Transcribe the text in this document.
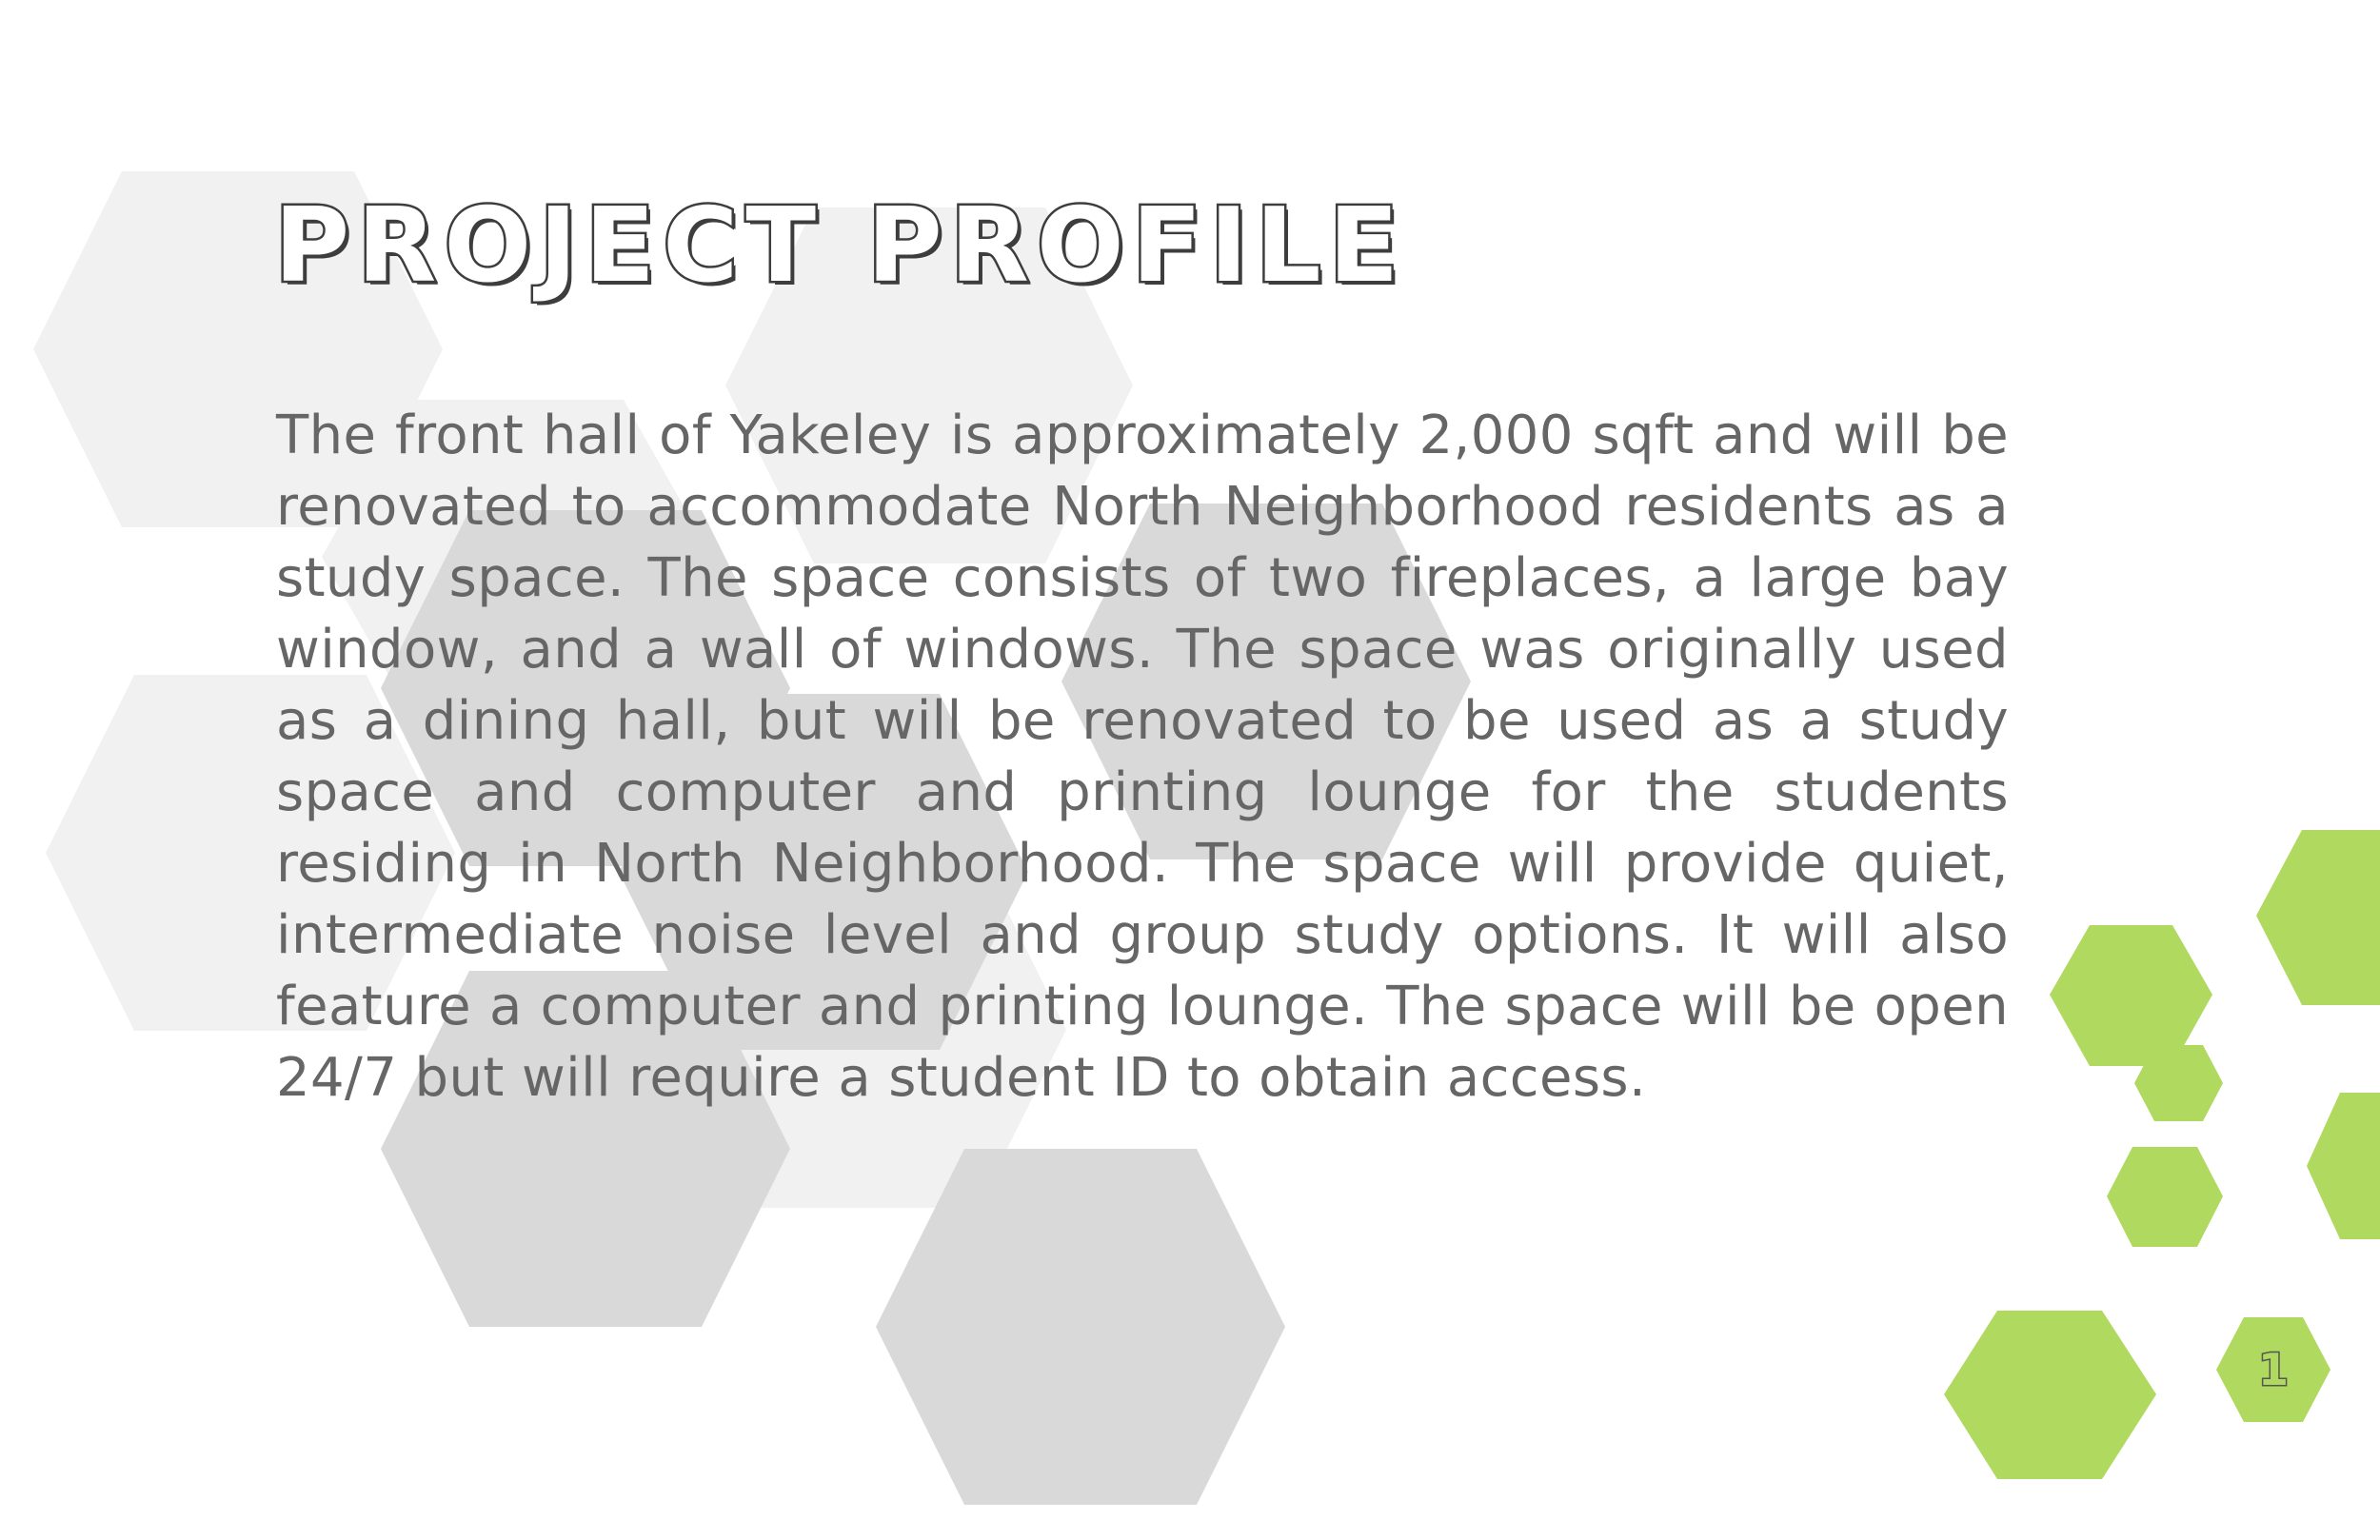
PROJECT PROFILE

The front hall of Yakeley is approximately 2,000 sqft and will be renovated to accommodate North Neighborhood residents as a study space. The space consists of two fireplaces, a large bay window, and a wall of windows. The space was originally used as a dining hall, but will be renovated to be used as a study space and computer and printing lounge for the students residing in North Neighborhood. The space will provide quiet, intermediate noise level and group study options. It will also feature a computer and printing lounge. The space will be open 24/7 but will require a student ID to obtain access.

1
